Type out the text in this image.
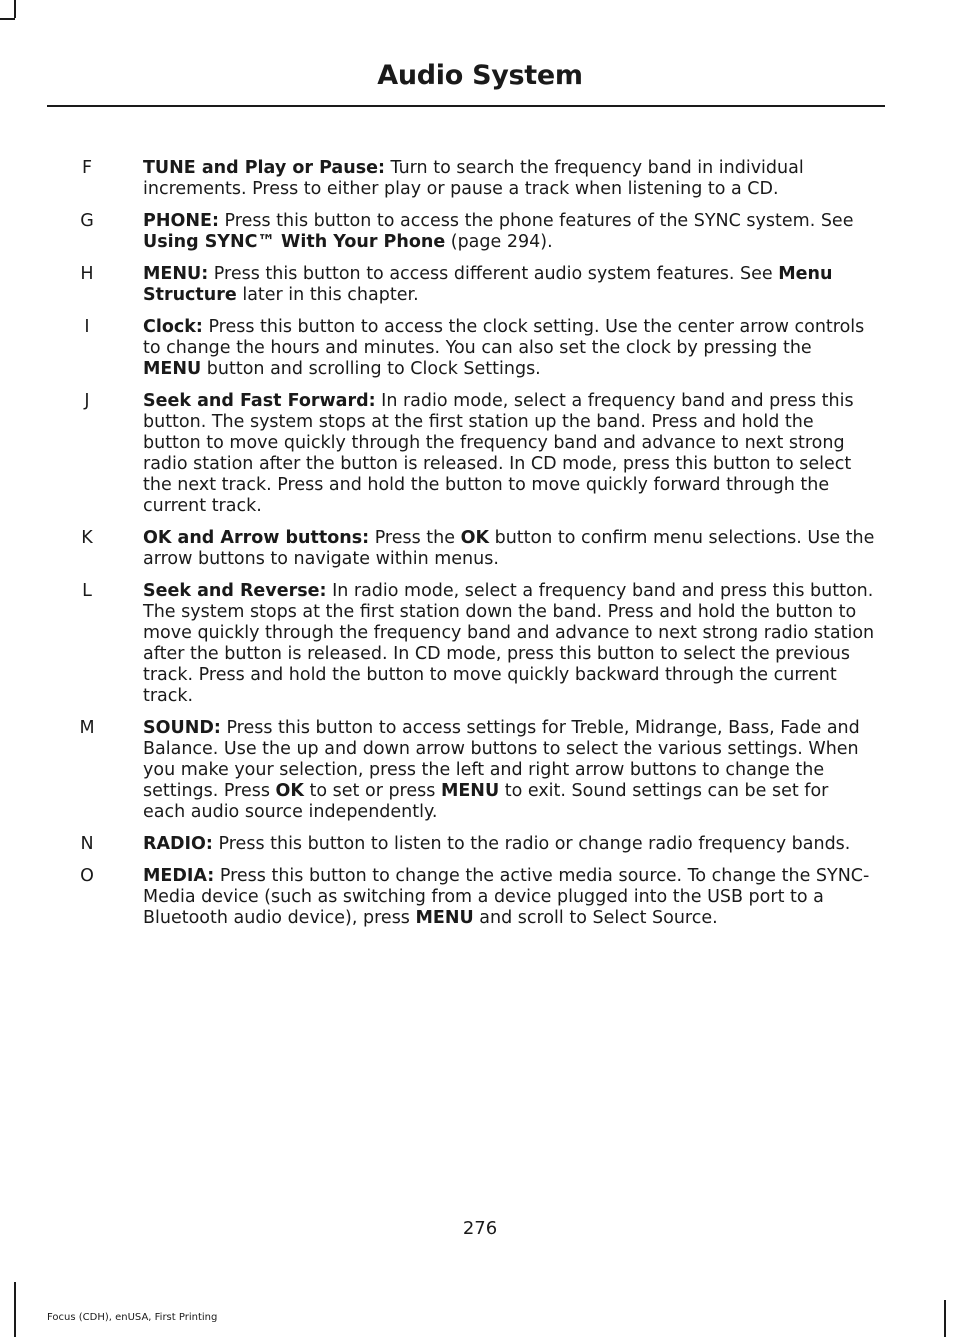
Audio System
F	TUNE and Play or Pause: Turn to search the frequency band in individual increments. Press to either play or pause a track when listening to a CD.
G	PHONE: Press this button to access the phone features of the SYNC system. See Using SYNC™ With Your Phone (page 294).
H	MENU: Press this button to access different audio system features. See Menu Structure later in this chapter.
I	Clock: Press this button to access the clock setting. Use the center arrow controls to change the hours and minutes. You can also set the clock by pressing the MENU button and scrolling to Clock Settings.
J	Seek and Fast Forward: In radio mode, select a frequency band and press this button. The system stops at the first station up the band. Press and hold the button to move quickly through the frequency band and advance to next strong radio station after the button is released. In CD mode, press this button to select the next track. Press and hold the button to move quickly forward through the current track.
K	OK and Arrow buttons: Press the OK button to confirm menu selections. Use the arrow buttons to navigate within menus.
L	Seek and Reverse: In radio mode, select a frequency band and press this button. The system stops at the first station down the band. Press and hold the button to move quickly through the frequency band and advance to next strong radio station after the button is released. In CD mode, press this button to select the previous track. Press and hold the button to move quickly backward through the current track.
M	SOUND: Press this button to access settings for Treble, Midrange, Bass, Fade and Balance. Use the up and down arrow buttons to select the various settings. When you make your selection, press the left and right arrow buttons to change the settings. Press OK to set or press MENU to exit. Sound settings can be set for each audio source independently.
N	RADIO: Press this button to listen to the radio or change radio frequency bands.
O	MEDIA: Press this button to change the active media source. To change the SYNC-Media device (such as switching from a device plugged into the USB port to a Bluetooth audio device), press MENU and scroll to Select Source.
276
Focus (CDH), enUSA, First Printing
